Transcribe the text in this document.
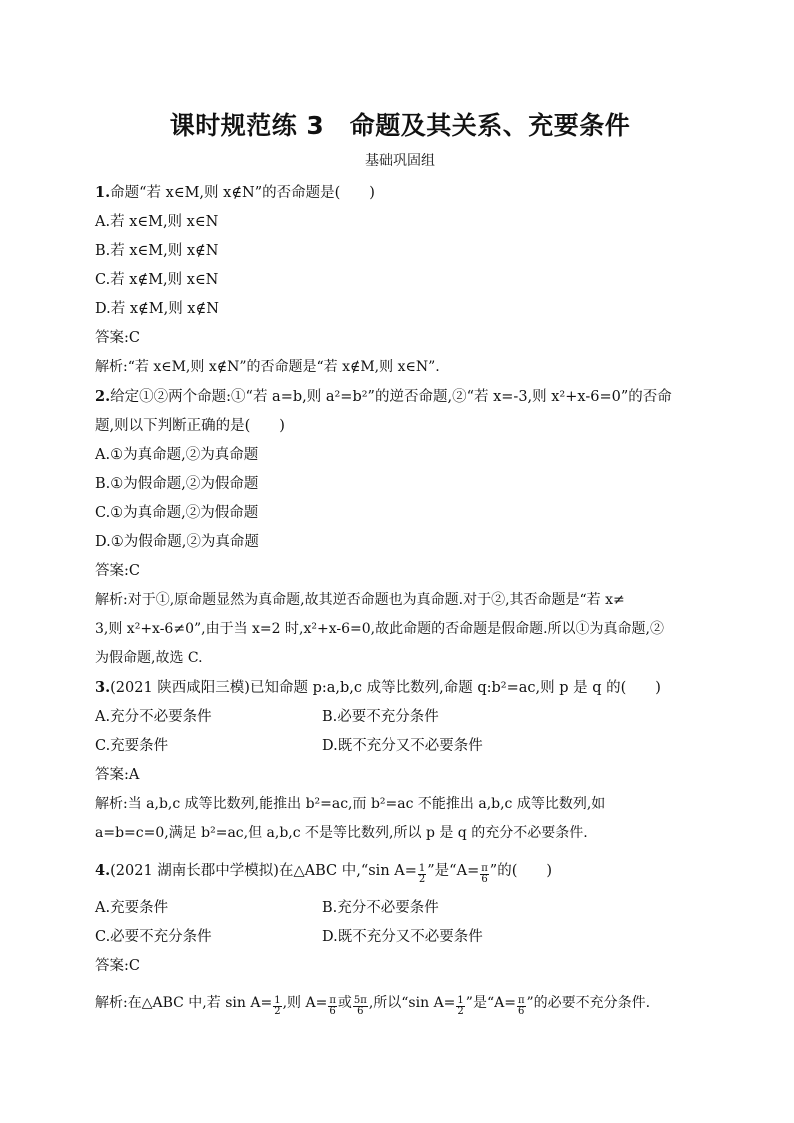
课时规范练 3　命题及其关系、充要条件
基础巩固组
1.命题“若 x∈M,则 x∉N”的否命题是(　　)
A.若 x∈M,则 x∈N
B.若 x∈M,则 x∉N
C.若 x∉M,则 x∈N
D.若 x∉M,则 x∉N
答案:C
解析:“若 x∈M,则 x∉N”的否命题是“若 x∉M,则 x∈N”.
2.给定①②两个命题:①“若 a=b,则 a²=b²”的逆否命题,②“若 x=-3,则 x²+x-6=0”的否命
题,则以下判断正确的是(　　)
A.①为真命题,②为真命题
B.①为假命题,②为假命题
C.①为真命题,②为假命题
D.①为假命题,②为真命题
答案:C
解析:对于①,原命题显然为真命题,故其逆否命题也为真命题.对于②,其否命题是“若 x≠
3,则 x²+x-6≠0”,由于当 x=2 时,x²+x-6=0,故此命题的否命题是假命题.所以①为真命题,②
为假命题,故选 C.
3.(2021 陕西咸阳三模)已知命题 p:a,b,c 成等比数列,命题 q:b²=ac,则 p 是 q 的(　　)
A.充分不必要条件	B.必要不充分条件
C.充要条件	D.既不充分又不必要条件
答案:A
解析:当 a,b,c 成等比数列,能推出 b²=ac,而 b²=ac 不能推出 a,b,c 成等比数列,如
a=b=c=0,满足 b²=ac,但 a,b,c 不是等比数列,所以 p 是 q 的充分不必要条件.
4.(2021 湖南长郡中学模拟)在△ABC 中,“sin $A= \frac{1}{2}$ ”是“$A= \frac{\pi}{6}$ ”的(　　)
A.充要条件	B.充分不必要条件
C.必要不充分条件	D.既不充分又不必要条件
答案:C
解析:在△ABC 中,若 $\sin A= \frac{1}{2}$ ,则 $A= \frac{\pi}{6}$ 或 $\frac{5\pi}{6}$ ,所以“sin $A= \frac{1}{2}$ ”是“$A= \frac{\pi}{6}$ ”的必要不充分条件.
